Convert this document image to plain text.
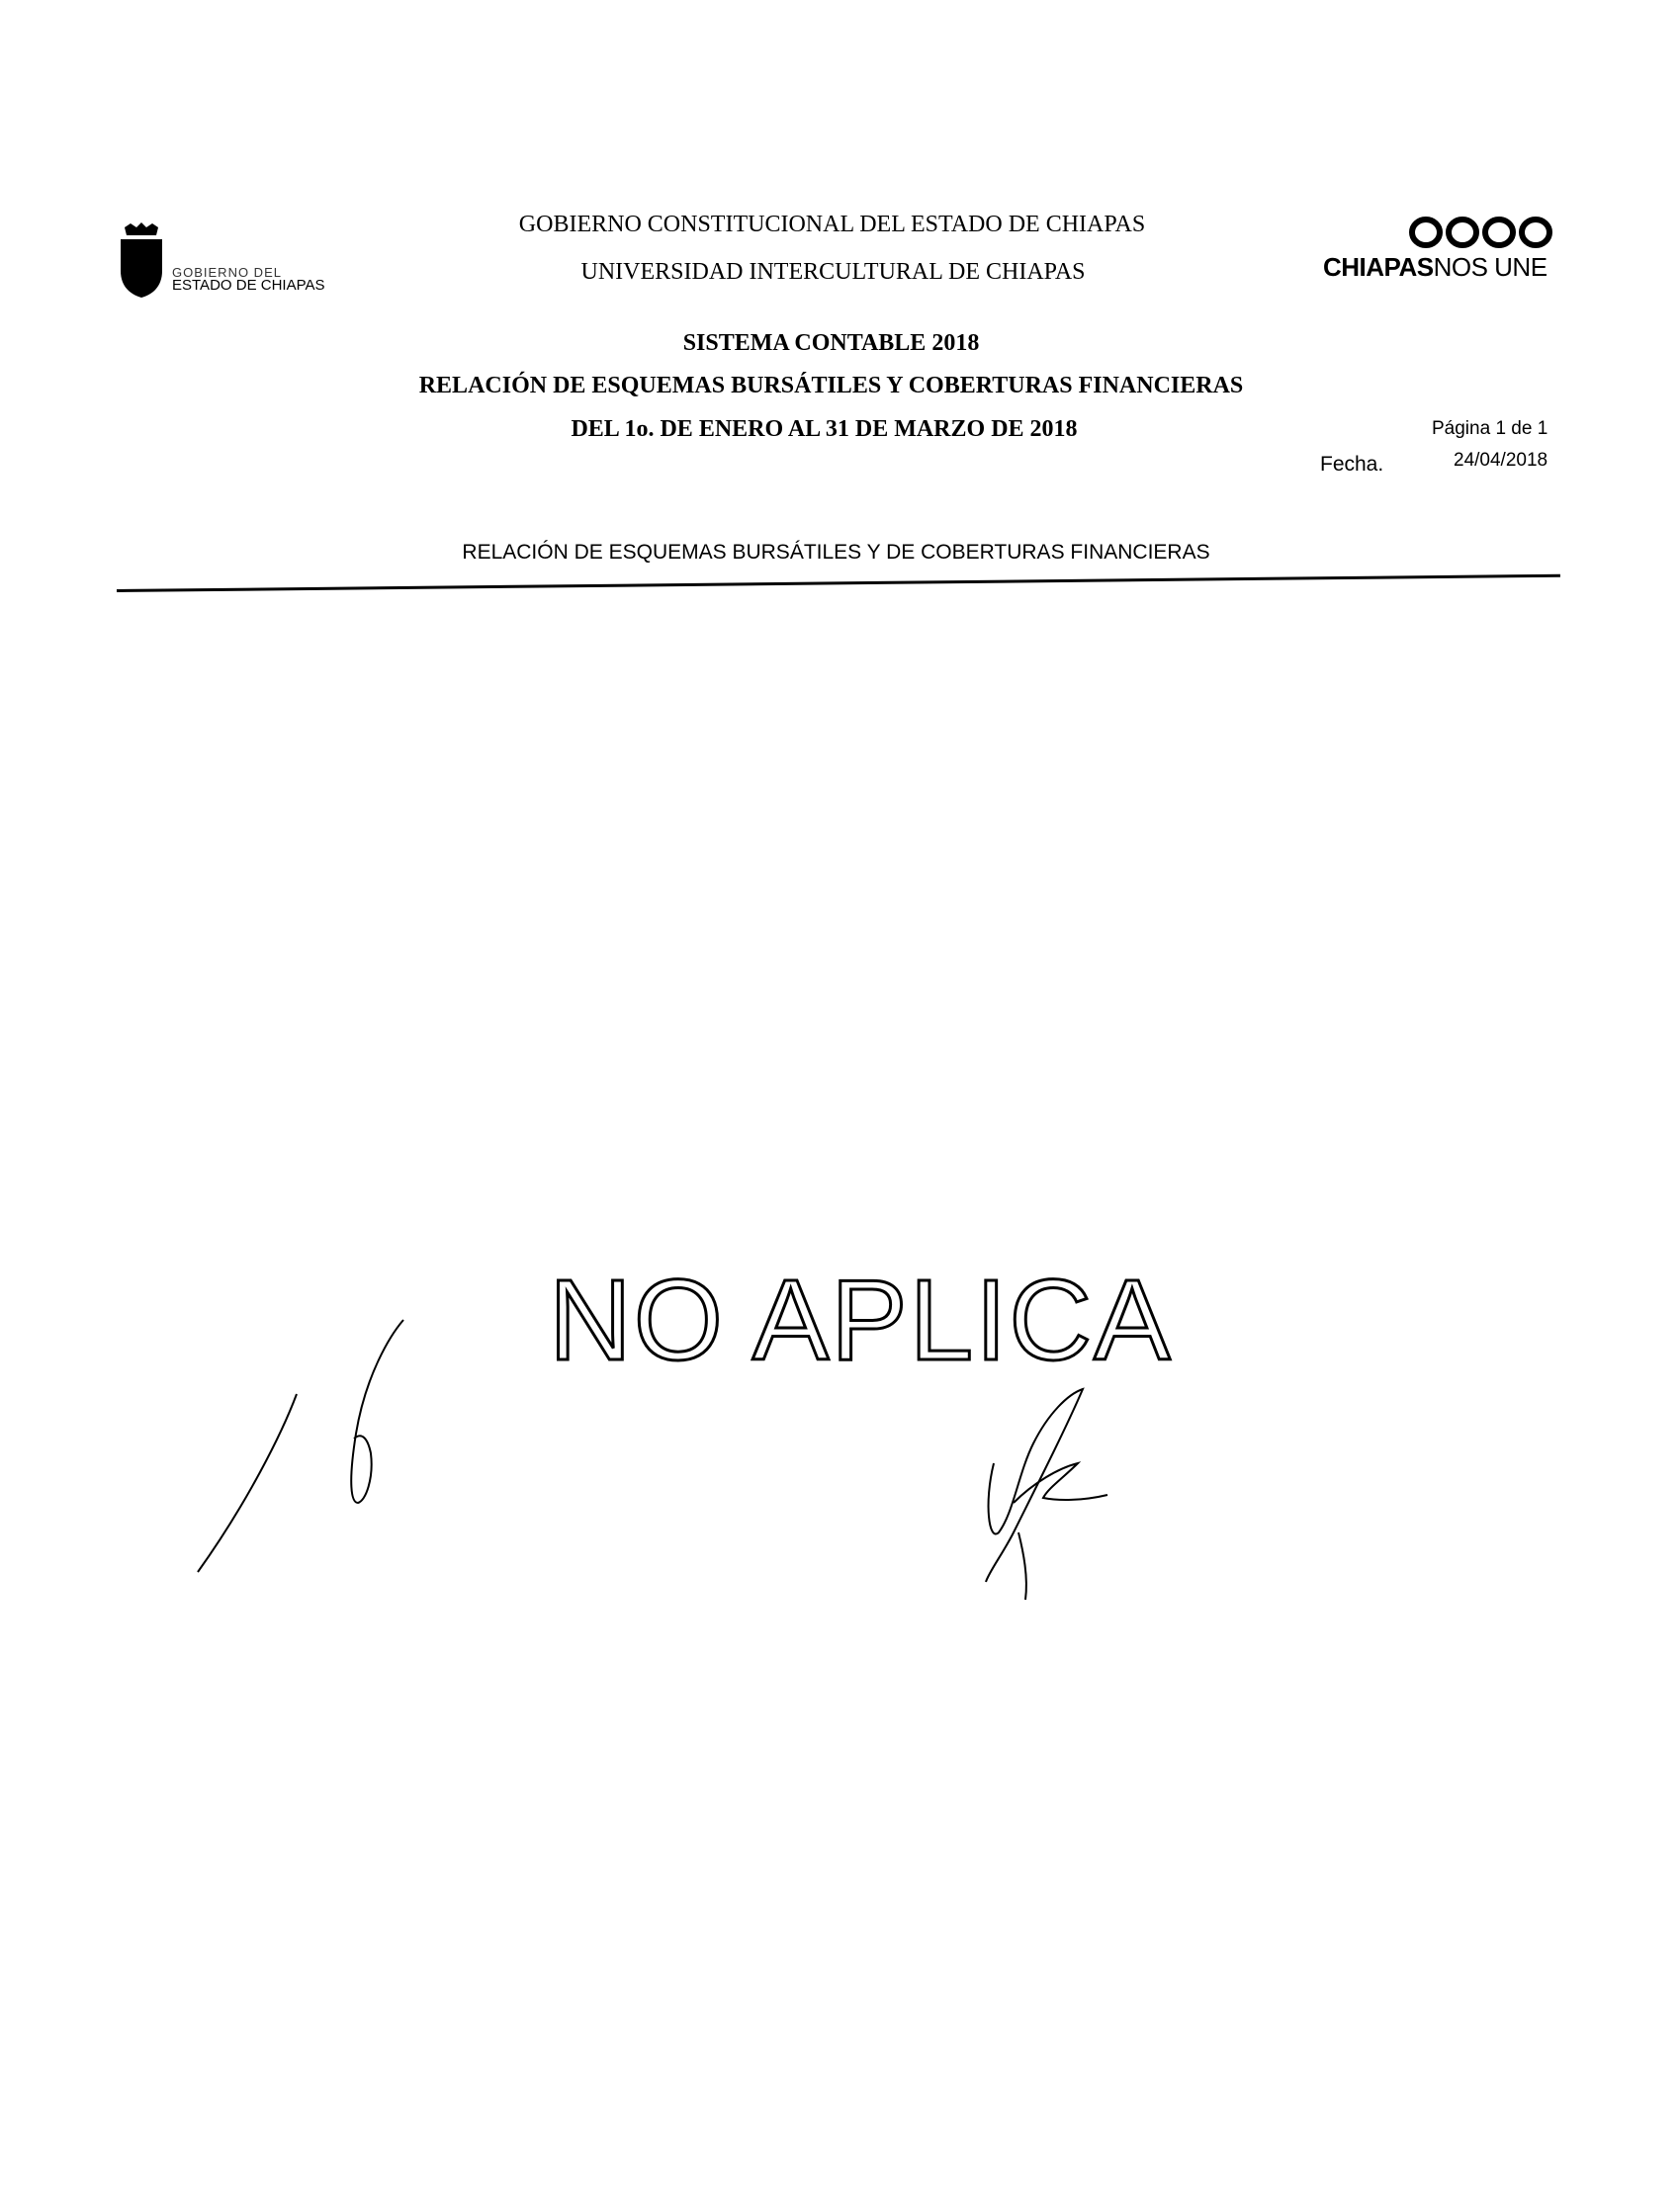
GOBIERNO DEL
ESTADO DE CHIAPAS
CHIAPASNOS UNE
GOBIERNO CONSTITUCIONAL DEL ESTADO DE CHIAPAS
UNIVERSIDAD INTERCULTURAL DE CHIAPAS
SISTEMA CONTABLE 2018
RELACIÓN DE ESQUEMAS BURSÁTILES Y COBERTURAS FINANCIERAS
DEL 1o. DE ENERO AL 31 DE MARZO DE 2018	Página 1 de 1
Fecha.	24/04/2018
RELACIÓN DE ESQUEMAS BURSÁTILES Y DE COBERTURAS FINANCIERAS
NO APLICA
